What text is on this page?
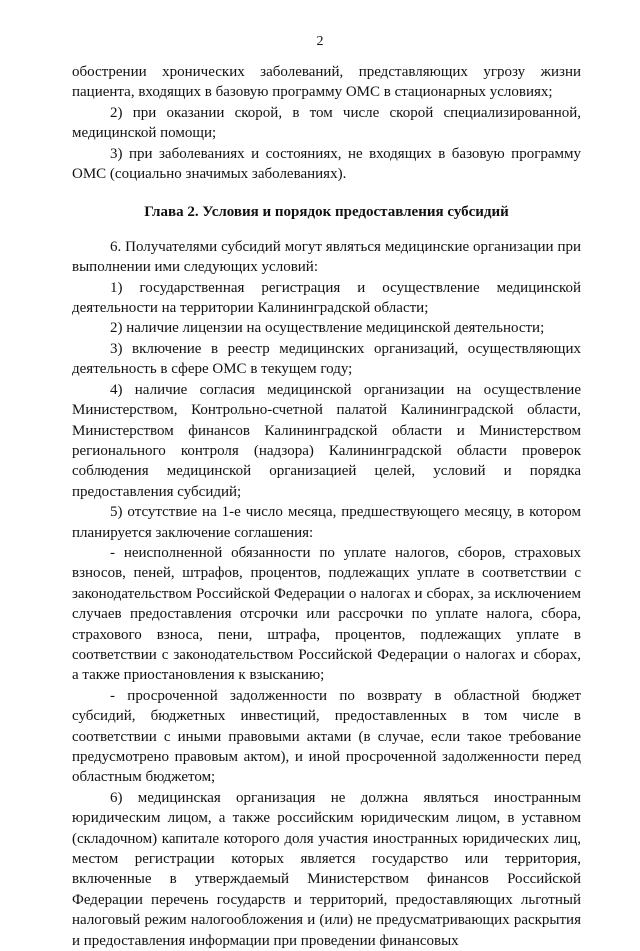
2

обострении хронических заболеваний, представляющих угрозу жизни пациента, входящих в базовую программу ОМС в стационарных условиях;

2) при оказании скорой, в том числе скорой специализированной, медицинской помощи;

3) при заболеваниях и состояниях, не входящих в базовую программу ОМС (социально значимых заболеваниях).

Глава 2. Условия и порядок предоставления субсидий

6. Получателями субсидий могут являться медицинские организации при выполнении ими следующих условий:

1) государственная регистрация и осуществление медицинской деятельности на территории Калининградской области;

2) наличие лицензии на осуществление медицинской деятельности;

3) включение в реестр медицинских организаций, осуществляющих деятельность в сфере ОМС в текущем году;

4) наличие согласия медицинской организации на осуществление Министерством, Контрольно-счетной палатой Калининградской области, Министерством финансов Калининградской области и Министерством регионального контроля (надзора) Калининградской области проверок соблюдения медицинской организацией целей, условий и порядка предоставления субсидий;

5) отсутствие на 1-е число месяца, предшествующего месяцу, в котором планируется заключение соглашения:

- неисполненной обязанности по уплате налогов, сборов, страховых взносов, пеней, штрафов, процентов, подлежащих уплате в соответствии с законодательством Российской Федерации о налогах и сборах, за исключением случаев предоставления отсрочки или рассрочки по уплате налога, сбора, страхового взноса, пени, штрафа, процентов, подлежащих уплате в соответствии с законодательством Российской Федерации о налогах и сборах, а также приостановления к взысканию;

- просроченной задолженности по возврату в областной бюджет субсидий, бюджетных инвестиций, предоставленных в том числе в соответствии с иными правовыми актами (в случае, если такое требование предусмотрено правовым актом), и иной просроченной задолженности перед областным бюджетом;

6) медицинская организация не должна являться иностранным юридическим лицом, а также российским юридическим лицом, в уставном (складочном) капитале которого доля участия иностранных юридических лиц, местом регистрации которых является государство или территория, включенные в утверждаемый Министерством финансов Российской Федерации перечень государств и территорий, предоставляющих льготный налоговый режим налогообложения и (или) не предусматривающих раскрытия и предоставления информации при проведении финансовых
